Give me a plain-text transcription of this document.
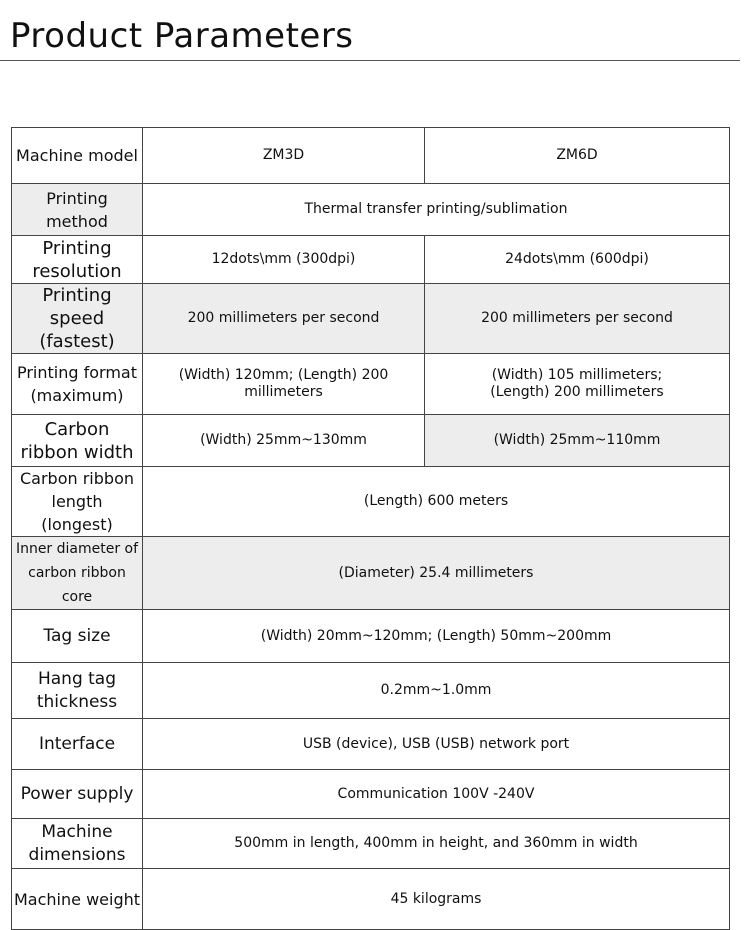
Product Parameters
Machine model	ZM3D	ZM6D
Printing method	Thermal transfer printing/sublimation	
Printing resolution	12dots\mm (300dpi)	24dots\mm (600dpi)
Printing speed (fastest)	200 millimeters per second	200 millimeters per second
Printing format (maximum)	(Width) 120mm; (Length) 200 millimeters	(Width) 105 millimeters; (Length) 200 millimeters
Carbon ribbon width	(Width) 25mm~130mm	(Width) 25mm~110mm
Carbon ribbon length (longest)	(Length) 600 meters	
Inner diameter of carbon ribbon core	(Diameter) 25.4 millimeters	
Tag size	(Width) 20mm~120mm; (Length) 50mm~200mm	
Hang tag thickness	0.2mm~1.0mm	
Interface	USB (device), USB (USB) network port	
Power supply	Communication 100V -240V	
Machine dimensions	500mm in length, 400mm in height, and 360mm in width	
Machine weight	45 kilograms	
